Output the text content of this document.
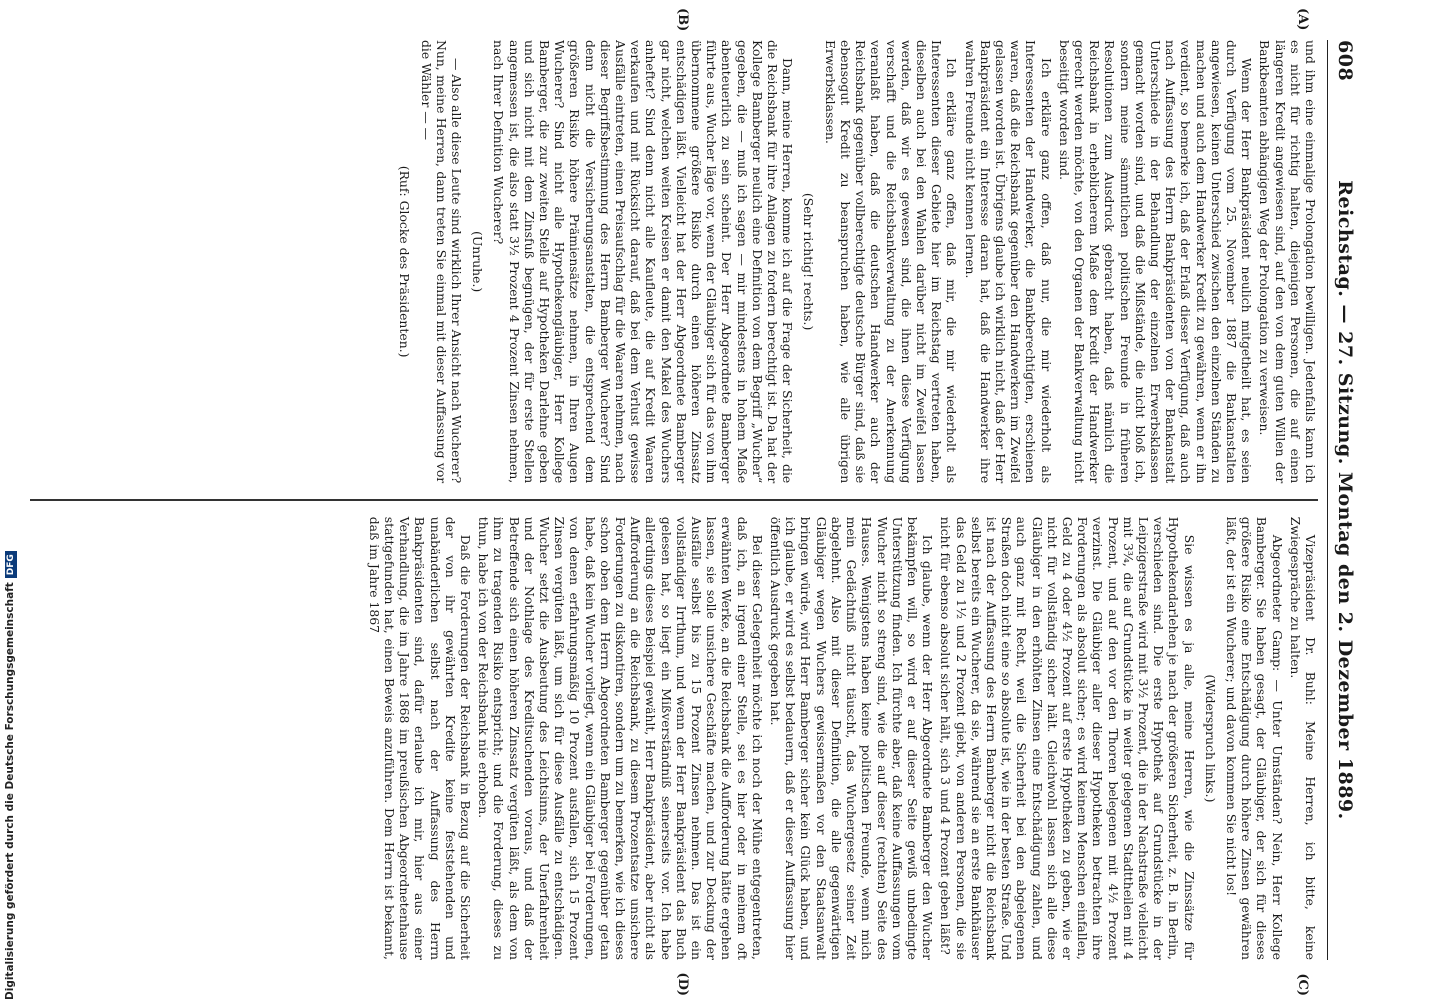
608
Reichstag. — 27. Sitzung. Montag den 2. Dezember 1889.
(A)
(B)
(C)
(D)

und ihm eine einmalige Prolongation bewilligen. Jedenfalls kann ich es nicht für richtig halten, diejenigen Personen, die auf einen längeren Kredit angewiesen sind, auf den von dem guten Willen der Bankbeamten abhängigen Weg der Prolongation zu verweisen.

Wenn der Herr Bankpräsident neulich mitgetheilt hat, es seien durch Verfügung vom 25. November 1887 die Bankanstalten angewiesen, keinen Unterschied zwischen den einzelnen Ständen zu machen und auch dem Handwerker Kredit zu gewähren, wenn er ihn verdient, so bemerke ich, daß der Erlaß dieser Verfügung, daß auch nach Auffassung des Herrn Bankpräsidenten von der Bankanstalt Unterschiede in der Behandlung der einzelnen Erwerbsklassen gemacht worden sind, und daß die Mißstände, die nicht bloß ich, sondern meine sämmtlichen politischen Freunde in früheren Resolutionen zum Ausdruck gebracht haben, daß nämlich die Reichsbank in erheblicherem Maße dem Kredit der Handwerker gerecht werden möchte, von den Organen der Bankverwaltung nicht beseitigt worden sind.

Ich erkläre ganz offen, daß nur, die mir wiederholt als Interessenten der Handwerker, die Bankberechtigten, erschienen waren, daß die Reichsbank gegenüber den Handwerkern im Zweifel gelassen worden ist. Übrigens glaube ich wirklich nicht, daß der Herr Bankpräsident ein Interesse daran hat, daß die Handwerker ihre wahren Freunde nicht kennen lernen.

Ich erkläre ganz offen, daß mir, die mir wiederholt als Interessenten dieser Gebiete hier im Reichstag vertreten haben, dieselben auch bei den Wahlen darüber nicht im Zweifel lassen werden, daß wir es gewesen sind, die ihnen diese Verfügung verschafft und die Reichsbankverwaltung zu der Anerkennung veranlaßt haben, daß die deutschen Handwerker auch der Reichsbank gegenüber vollberechtigte deutsche Bürger sind, daß sie ebensogut Kredit zu beanspruchen haben, wie alle übrigen Erwerbsklassen.

(Sehr richtig! rechts.)

Dann, meine Herren, komme ich auf die Frage der Sicherheit, die die Reichsbank für ihre Anlagen zu fordern berechtigt ist. Da hat der Kollege Bamberger neulich eine Definition von dem Begriff „Wucher“ gegeben, die — muß ich sagen — mir mindestens in hohem Maße abenteuerlich zu sein scheint. Der Herr Abgeordnete Bamberger führte aus, Wucher läge vor, wenn der Gläubiger sich für das von ihm übernommene größere Risiko durch einen höheren Zinssatz entschädigen läßt. Vielleicht hat der Herr Abgeordnete Bamberger gar nicht, welchen weiten Kreisen er damit den Makel des Wuchers anheftet? Sind denn nicht alle Kaufleute, die auf Kredit Waaren verkaufen und mit Rücksicht darauf, daß bei dem Verlust gewisse Ausfälle eintreten, einen Preisaufschlag für die Waaren nehmen, nach dieser Begriffsbestimmung des Herrn Bamberger Wucherer? Sind denn nicht die Versicherungsanstalten, die entsprechend dem größeren Risiko höhere Prämiensätze nehmen, in Ihren Augen Wucherer? Sind nicht alle Hypothekengläubiger, Herr Kollege Bamberger, die zur zweiten Stelle auf Hypotheken Darlehne geben und sich nicht mit dem Zinsfuß begnügen, der für erste Stellen angemessen ist, die also statt 3½ Prozent 4 Prozent Zinsen nehmen, nach Ihrer Definition Wucherer?

(Unruhe.)

— Also alle diese Leute sind wirklich Ihrer Ansicht nach Wucherer? Nun, meine Herren, dann treten Sie einmal mit dieser Auffassung vor die Wähler — —

(Ruf: Glocke des Präsidenten.)

Vizepräsident Dr. Buhl: Meine Herren, ich bitte, keine Zwiegespräche zu halten.

Abgeordneter Gamp: — Unter Umständen? Nein, Herr Kollege Bamberger. Sie haben gesagt, der Gläubiger, der sich für dieses größere Risiko eine Entschädigung durch höhere Zinsen gewähren läßt, der ist ein Wucherer; und davon kommen Sie nicht los!

(Widerspruch links.)

Sie wissen es ja alle, meine Herren, wie die Zinssätze für Hypothekendarlehen je nach der größeren Sicherheit, z. B. in Berlin, verschieden sind. Die erste Hypothek auf Grundstücke in der Leipzigerstraße wird mit 3½ Prozent, die in der Nachstraße vielleicht mit 3¾, die auf Grundstücke in weiter gelegenen Stadttheilen mit 4 Prozent, und auf den vor den Thoren belegenen mit 4½ Prozent verzinst. Die Gläubiger aller dieser Hypotheken betrachten ihre Forderungen als absolut sicher; es wird keinem Menschen einfallen, Geld zu 4 oder 4½ Prozent auf erste Hypotheken zu geben, wie er nicht für vollständig sicher hält. Gleichwohl lassen sich alle diese Gläubiger in den erhöhten Zinsen eine Entschädigung zahlen, und auch ganz mit Recht, weil die Sicherheit bei den abgelegenen Straßen doch nicht eine so absolute ist, wie in der besten Straße. Und ist nach der Auffassung des Herrn Bamberger nicht die Reichsbank selbst bereits ein Wucherer, da sie, während sie an erste Bankhäuser das Geld zu 1½ und 2 Prozent giebt, von anderen Personen, die sie nicht für ebenso absolut sicher hält, sich 3 und 4 Prozent geben läßt?

Ich glaube, wenn der Herr Abgeordnete Bamberger den Wucher bekämpfen will, so wird er auf dieser Seite gewiß unbedingte Unterstützung finden. Ich fürchte aber, daß keine Auffassungen vom Wucher nicht so streng sind, wie die auf dieser (rechten) Seite des Hauses. Wenigstens haben keine politischen Freunde, wenn mich mein Gedächtniß nicht täuscht, das Wuchergesetz seiner Zeit abgelehnt. Also mit dieser Definition, die alle gegenwärtigen Gläubiger wegen Wuchers gewissermaßen vor den Staatsanwalt bringen würde, wird Herr Bamberger sicher kein Glück haben, und ich glaube, er wird es selbst bedauern, daß er dieser Auffassung hier öffentlich Ausdruck gegeben hat.

Bei dieser Gelegenheit möchte ich noch der Mühe entgegentreten, daß ich, an irgend einer Stelle, sei es hier oder in meinem oft erwähnten Werke, an die Reichsbank die Aufforderung hätte ergehen lassen, sie solle unsichere Geschäfte machen, und zur Deckung der Ausfälle selbst bis zu 15 Prozent Zinsen nehmen. Das ist ein vollständiger Irrthum, und wenn der Herr Bankpräsident das Buch gelesen hat, so liegt ein Mißverständniß seinerseits vor. Ich habe allerdings dieses Beispiel gewählt, Herr Bankpräsident, aber nicht als Aufforderung an die Reichsbank, zu diesem Prozentsatze unsichere Forderungen zu diskontiren, sondern um zu bemerken, wie ich dieses schon oben dem Herrn Abgeordneten Bamberger gegenüber getan habe, daß kein Wucher vorliegt, wenn ein Gläubiger bei Forderungen, von denen erfahrungsmäßig 10 Prozent ausfallen, sich 15 Prozent Zinsen vergüten läßt, um sich für diese Ausfälle zu entschädigen. Wucher setzt die Ausbeutung des Leichtsinns, der Unerfahrenheit und der Nothlage des Kreditsuchenden voraus, und daß der Betreffende sich einen höheren Zinssatz vergüten läßt, als dem von ihm zu tragenden Risiko entspricht; und die Forderung, dieses zu thun, habe ich von der Reichsbank nie erhoben.

Daß die Forderungen der Reichsbank in Bezug auf die Sicherheit der von ihr gewährten Kredite keine feststehenden und unabänderlichen selbst nach der Auffassung des Herrn Bankpräsidenten sind, dafür erlaube ich mir, hier aus einer Verhandlung, die im Jahre 1868 im preußischen Abgeordnetenhause stattgefunden hat, einen Beweis anzuführen. Dem Herrn ist bekannt, daß im Jahre 1867

Digitalisierung gefördert durch die Deutsche ForschungsgemeinschaftDFG
